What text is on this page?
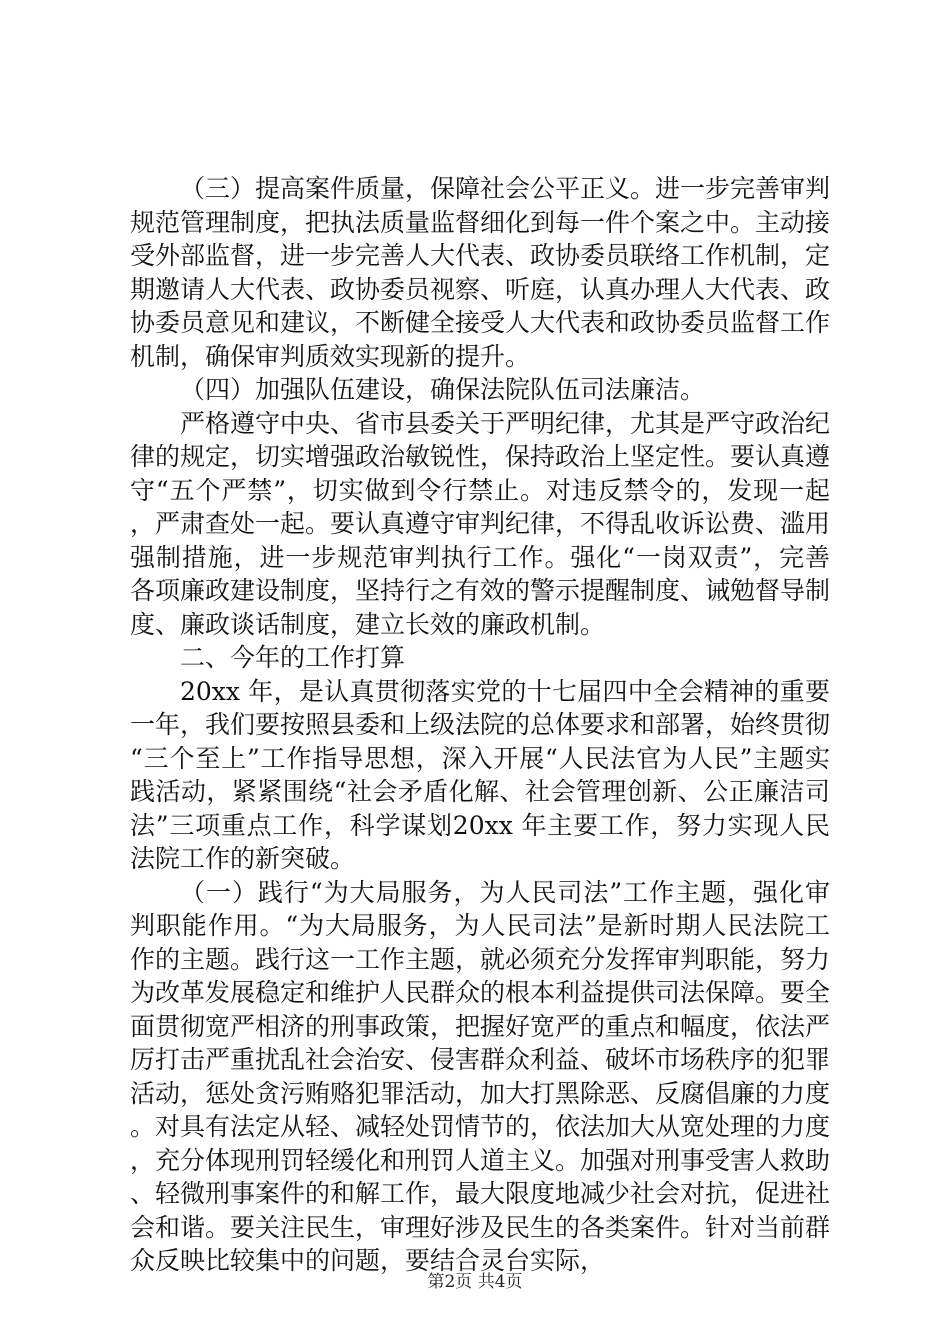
（三）提高案件质量，保障社会公平正义。进一步完善审判规范管理制度，把执法质量监督细化到每一件个案之中。主动接受外部监督，进一步完善人大代表、政协委员联络工作机制，定期邀请人大代表、政协委员视察、听庭，认真办理人大代表、政协委员意见和建议，不断健全接受人大代表和政协委员监督工作机制，确保审判质效实现新的提升。

（四）加强队伍建设，确保法院队伍司法廉洁。

严格遵守中央、省市县委关于严明纪律，尤其是严守政治纪律的规定，切实增强政治敏锐性，保持政治上坚定性。要认真遵守“五个严禁”，切实做到令行禁止。对违反禁令的，发现一起，严肃查处一起。要认真遵守审判纪律，不得乱收诉讼费、滥用强制措施，进一步规范审判执行工作。强化“一岗双责”，完善各项廉政建设制度，坚持行之有效的警示提醒制度、诫勉督导制度、廉政谈话制度，建立长效的廉政机制。

二、今年的工作打算

20xx 年，是认真贯彻落实党的十七届四中全会精神的重要一年，我们要按照县委和上级法院的总体要求和部署，始终贯彻“三个至上”工作指导思想，深入开展“人民法官为人民”主题实践活动，紧紧围绕“社会矛盾化解、社会管理创新、公正廉洁司法”三项重点工作，科学谋划20xx 年主要工作，努力实现人民法院工作的新突破。

（一）践行“为大局服务，为人民司法”工作主题，强化审判职能作用。“为大局服务，为人民司法”是新时期人民法院工作的主题。践行这一工作主题，就必须充分发挥审判职能，努力为改革发展稳定和维护人民群众的根本利益提供司法保障。要全面贯彻宽严相济的刑事政策，把握好宽严的重点和幅度，依法严厉打击严重扰乱社会治安、侵害群众利益、破坏市场秩序的犯罪活动，惩处贪污贿赂犯罪活动，加大打黑除恶、反腐倡廉的力度。对具有法定从轻、减轻处罚情节的，依法加大从宽处理的力度，充分体现刑罚轻缓化和刑罚人道主义。加强对刑事受害人救助、轻微刑事案件的和解工作，最大限度地减少社会对抗，促进社会和谐。要关注民生，审理好涉及民生的各类案件。针对当前群众反映比较集中的问题，要结合灵台实际，

第2页 共4页
